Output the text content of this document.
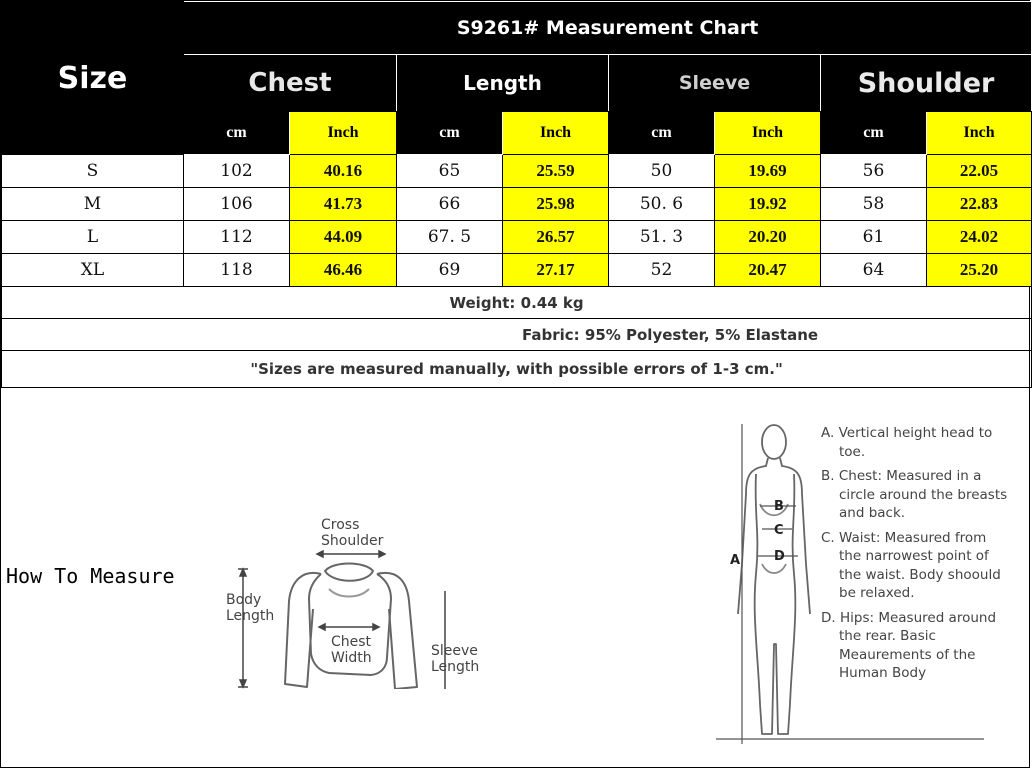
Size	S9261# Measurement Chart							
	Chest		Length		Sleeve		Shoulder	
	cm	Inch	cm	Inch	cm	Inch	cm	Inch
S	102	40.16	65	25.59	50	19.69	56	22.05
M	106	41.73	66	25.98	50. 6	19.92	58	22.83
L	112	44.09	67. 5	26.57	51. 3	20.20	61	24.02
XL	118	46.46	69	27.17	52	20.47	64	25.20
Weight: 0.44 kg								
Fabric: 95% Polyester, 5% Elastane								
"Sizes are measured manually, with possible errors of 1-3 cm."								
How To Measure
Cross
Shoulder
Body
Length
Chest
Width	Sleeve
Length
A
B
C
D

A. Vertical height head to toe.

B. Chest: Measured in a circle around the breasts and back.

C. Waist: Measured from the narrowest point of the waist. Body shoould be relaxed.

D. Hips: Measured around the rear. Basic Meaurements of the Human Body
